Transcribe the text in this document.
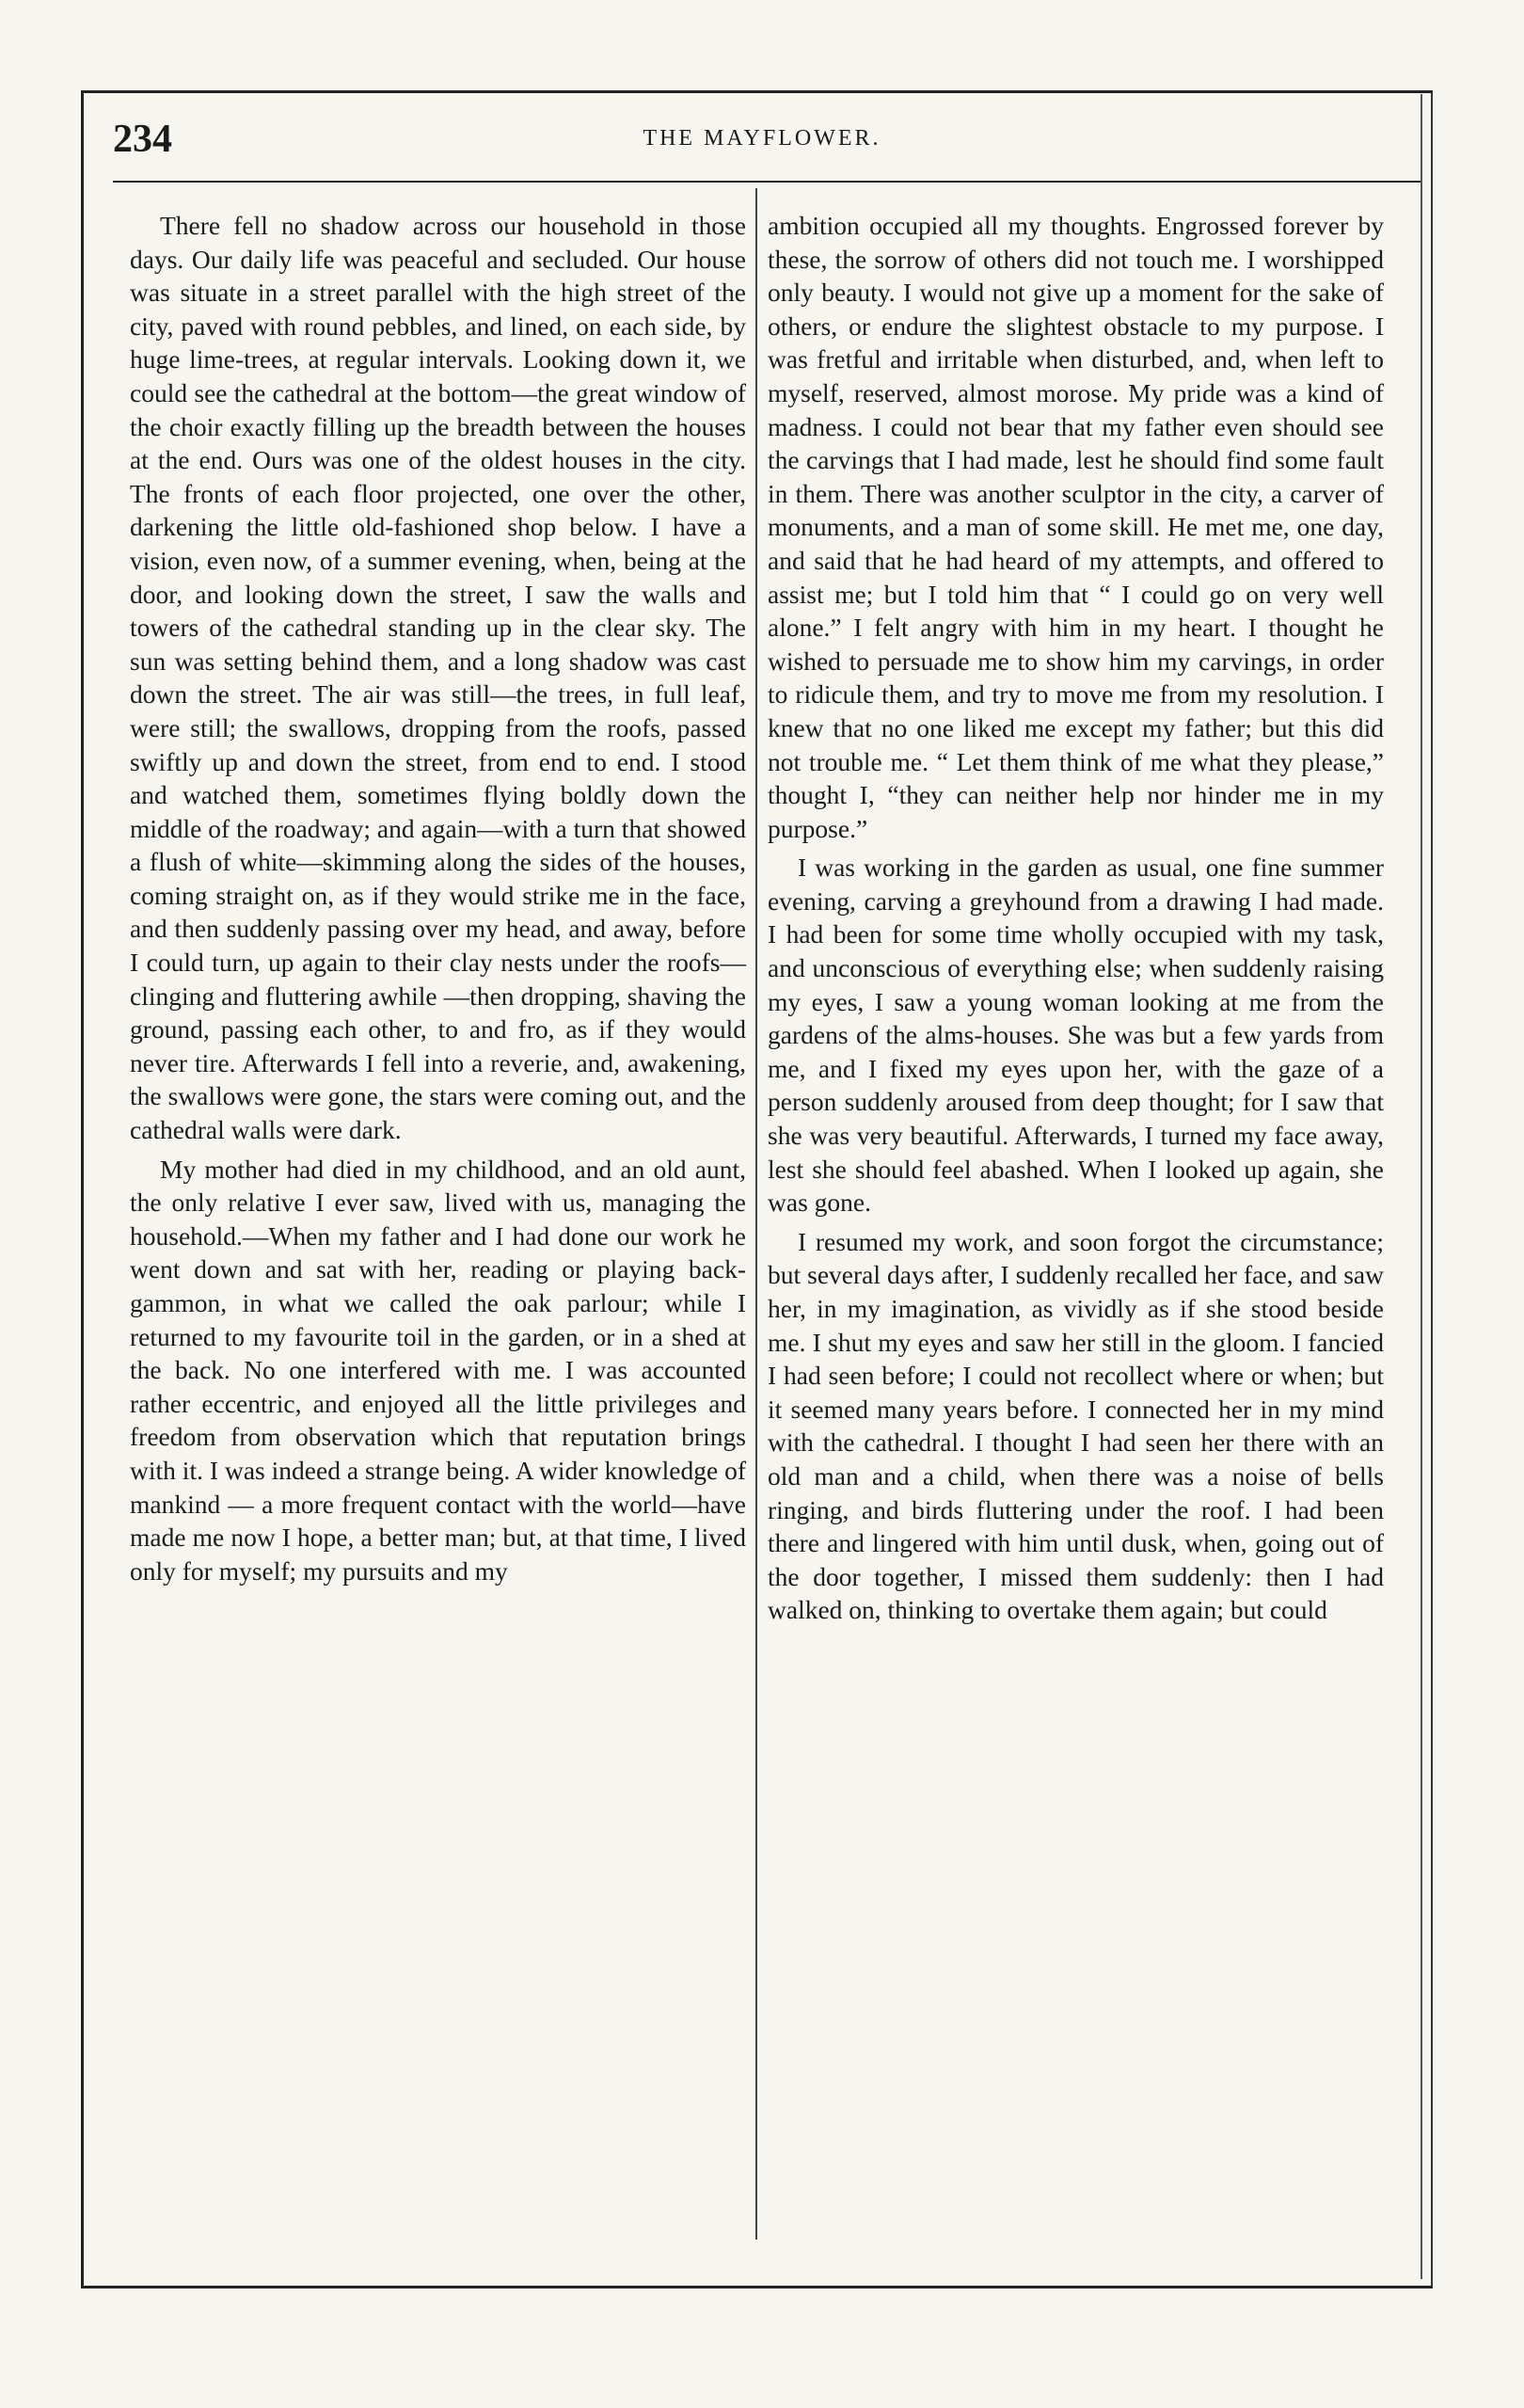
234	THE MAYFLOWER.

There fell no shadow across our household in those days. Our daily life was peaceful and secluded. Our house was situate in a street parallel with the high street of the city, paved with round pebbles, and lined, on each side, by huge lime-trees, at regular intervals. Looking down it, we could see the cathedral at the bottom—the great window of the choir exactly filling up the breadth between the houses at the end. Ours was one of the oldest houses in the city. The fronts of each floor projected, one over the other, darkening the little old-fashioned shop below. I have a vision, even now, of a summer evening, when, being at the door, and looking down the street, I saw the walls and towers of the cathedral standing up in the clear sky. The sun was setting behind them, and a long shadow was cast down the street. The air was still—the trees, in full leaf, were still; the swallows, dropping from the roofs, passed swiftly up and down the street, from end to end. I stood and watched them, sometimes flying boldly down the middle of the roadway; and again—with a turn that showed a flush of white—skimming along the sides of the houses, coming straight on, as if they would strike me in the face, and then suddenly passing over my head, and away, before I could turn, up again to their clay nests under the roofs—clinging and fluttering awhile —then dropping, shaving the ground, passing each other, to and fro, as if they would never tire. Afterwards I fell into a reverie, and, awakening, the swallows were gone, the stars were coming out, and the cathedral walls were dark.

My mother had died in my childhood, and an old aunt, the only relative I ever saw, lived with us, managing the household.—When my father and I had done our work he went down and sat with her, reading or playing back-gammon, in what we called the oak parlour; while I returned to my favourite toil in the garden, or in a shed at the back. No one interfered with me. I was accounted rather eccentric, and enjoyed all the little privileges and freedom from observation which that reputation brings with it. I was indeed a strange being. A wider knowledge of mankind — a more frequent contact with the world—have made me now I hope, a better man; but, at that time, I lived only for myself; my pursuits and my

ambition occupied all my thoughts. Engrossed forever by these, the sorrow of others did not touch me. I worshipped only beauty. I would not give up a moment for the sake of others, or endure the slightest obstacle to my purpose. I was fretful and irritable when disturbed, and, when left to myself, reserved, almost morose. My pride was a kind of madness. I could not bear that my father even should see the carvings that I had made, lest he should find some fault in them. There was another sculptor in the city, a carver of monuments, and a man of some skill. He met me, one day, and said that he had heard of my attempts, and offered to assist me; but I told him that “ I could go on very well alone.” I felt angry with him in my heart. I thought he wished to persuade me to show him my carvings, in order to ridicule them, and try to move me from my resolution. I knew that no one liked me except my father; but this did not trouble me. “ Let them think of me what they please,” thought I, “they can neither help nor hinder me in my purpose.”

I was working in the garden as usual, one fine summer evening, carving a greyhound from a drawing I had made. I had been for some time wholly occupied with my task, and unconscious of everything else; when suddenly raising my eyes, I saw a young woman looking at me from the gardens of the alms-houses. She was but a few yards from me, and I fixed my eyes upon her, with the gaze of a person suddenly aroused from deep thought; for I saw that she was very beautiful. Afterwards, I turned my face away, lest she should feel abashed. When I looked up again, she was gone.

I resumed my work, and soon forgot the circumstance; but several days after, I suddenly recalled her face, and saw her, in my imagination, as vividly as if she stood beside me. I shut my eyes and saw her still in the gloom. I fancied I had seen before; I could not recollect where or when; but it seemed many years before. I connected her in my mind with the cathedral. I thought I had seen her there with an old man and a child, when there was a noise of bells ringing, and birds fluttering under the roof. I had been there and lingered with him until dusk, when, going out of the door together, I missed them suddenly: then I had walked on, thinking to overtake them again; but could
